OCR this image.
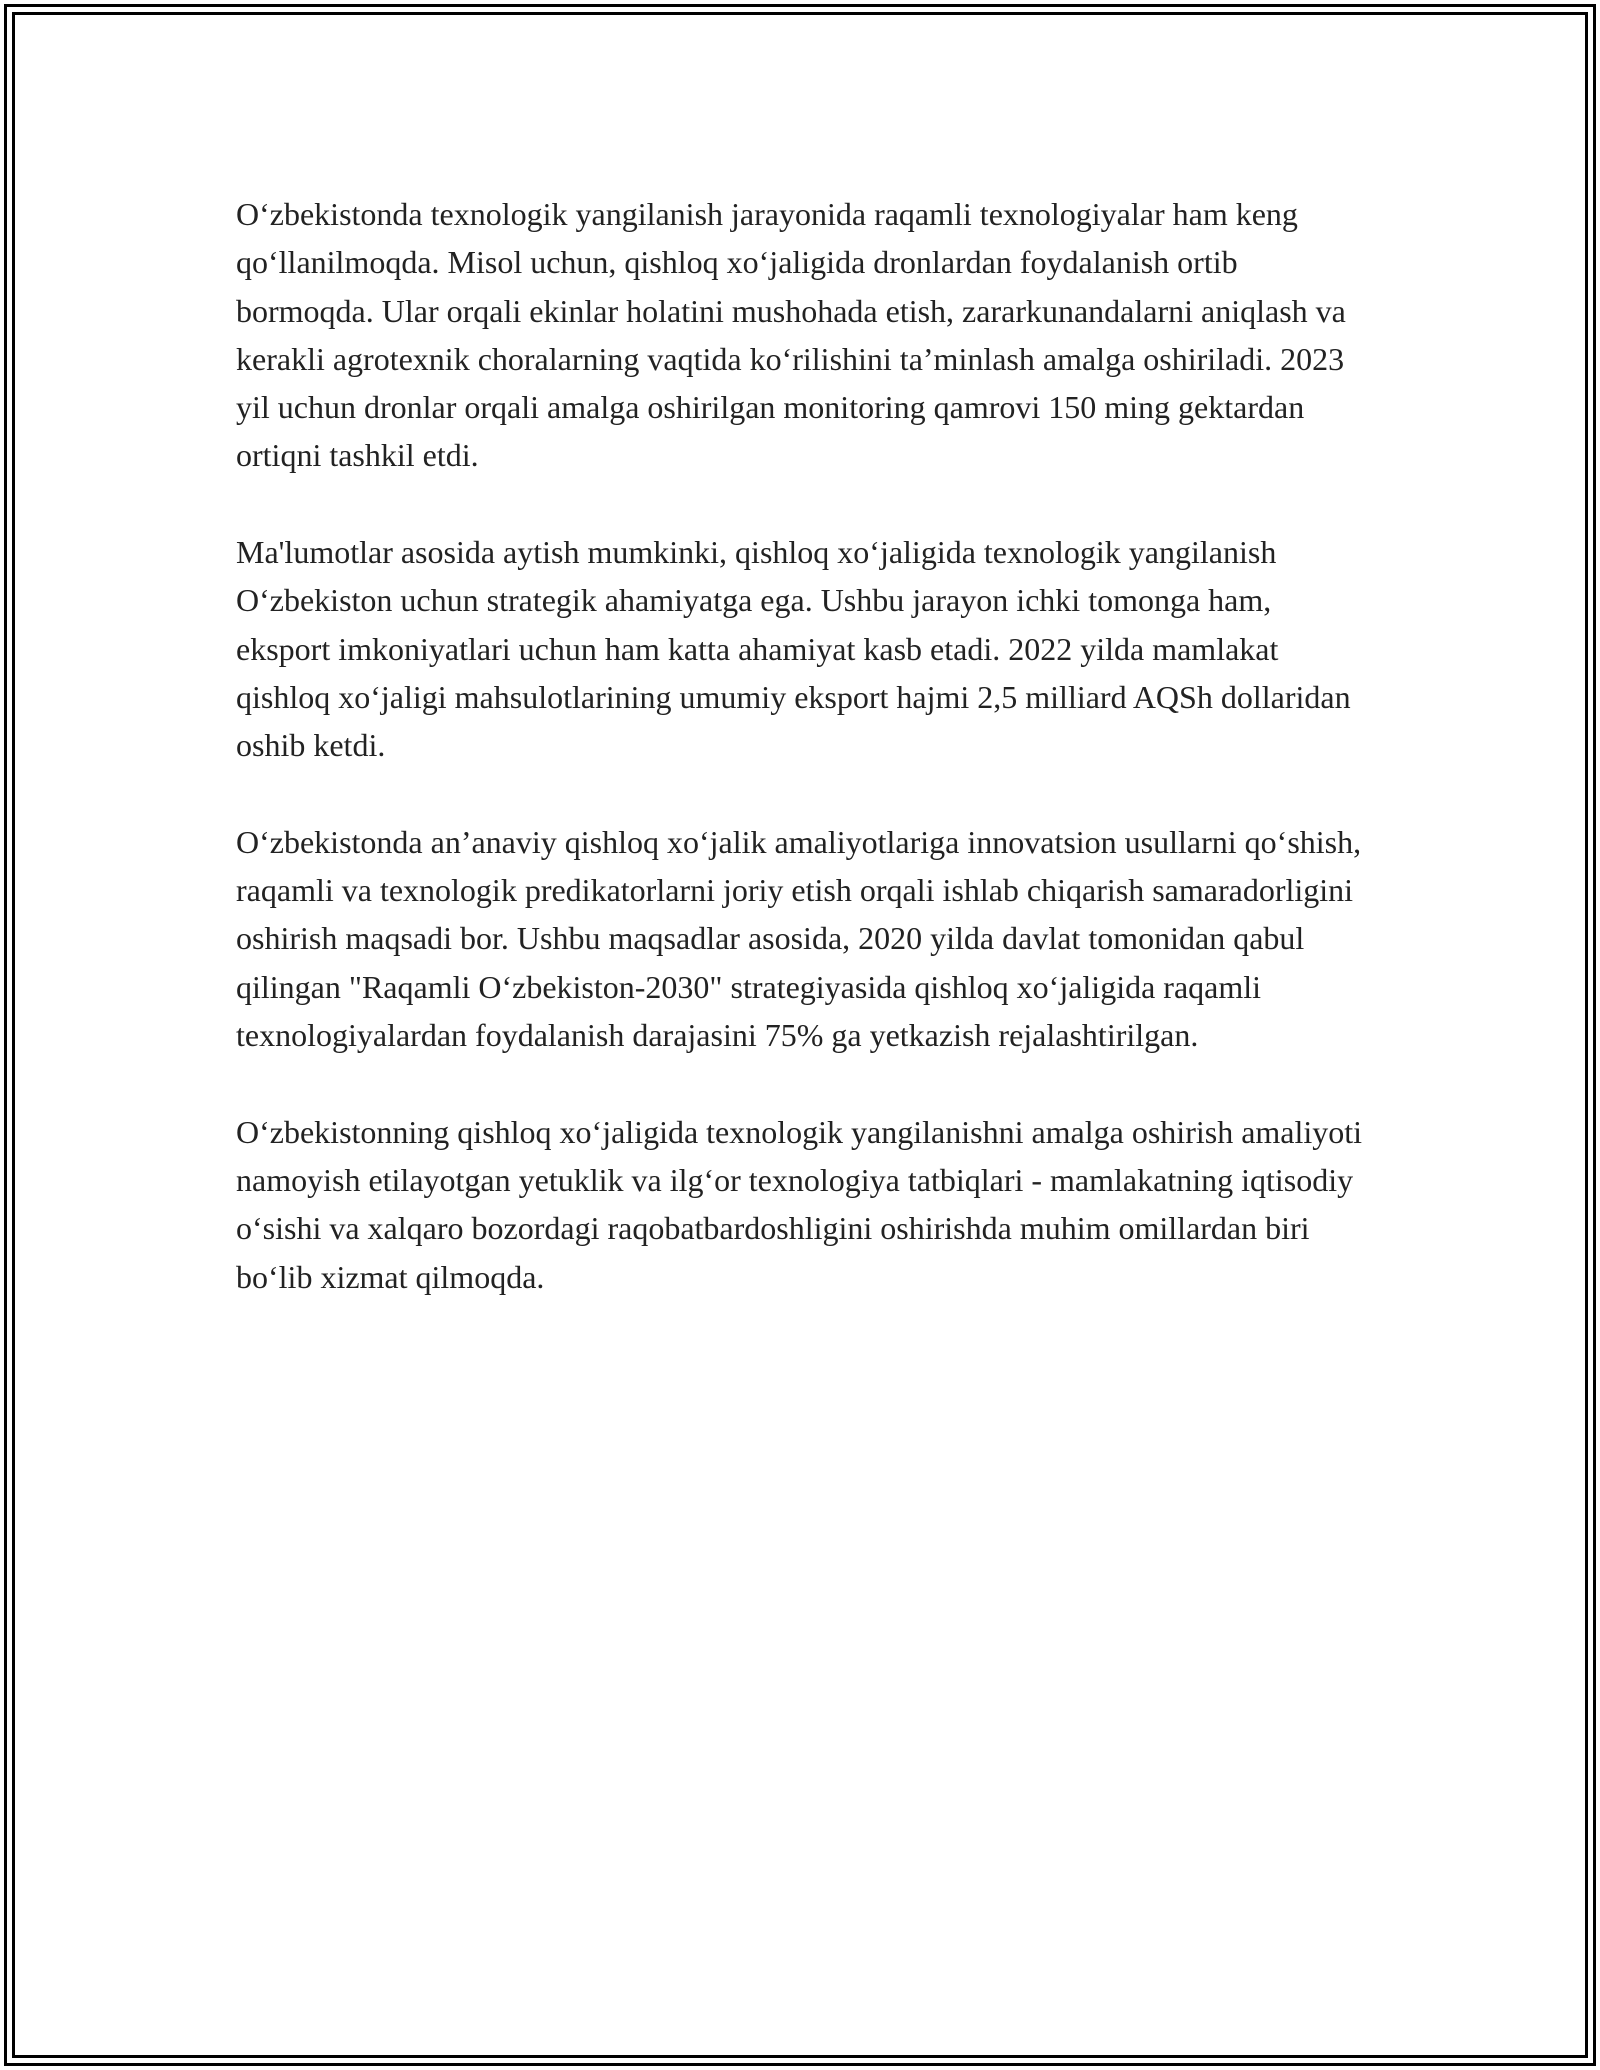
O‘zbekistonda texnologik yangilanish jarayonida raqamli texnologiyalar ham keng qo‘llanilmoqda. Misol uchun, qishloq xo‘jaligida dronlardan foydalanish ortib bormoqda. Ular orqali ekinlar holatini mushohada etish, zararkunandalarni aniqlash va kerakli agrotexnik choralarning vaqtida ko‘rilishini ta’minlash amalga oshiriladi. 2023 yil uchun dronlar orqali amalga oshirilgan monitoring qamrovi 150 ming gektardan ortiqni tashkil etdi.

Ma'lumotlar asosida aytish mumkinki, qishloq xo‘jaligida texnologik yangilanish O‘zbekiston uchun strategik ahamiyatga ega. Ushbu jarayon ichki tomonga ham, eksport imkoniyatlari uchun ham katta ahamiyat kasb etadi. 2022 yilda mamlakat qishloq xo‘jaligi mahsulotlarining umumiy eksport hajmi 2,5 milliard AQSh dollaridan oshib ketdi.

O‘zbekistonda an’anaviy qishloq xo‘jalik amaliyotlariga innovatsion usullarni qo‘shish, raqamli va texnologik predikatorlarni joriy etish orqali ishlab chiqarish samaradorligini oshirish maqsadi bor. Ushbu maqsadlar asosida, 2020 yilda davlat tomonidan qabul qilingan "Raqamli O‘zbekiston-2030" strategiyasida qishloq xo‘jaligida raqamli texnologiyalardan foydalanish darajasini 75% ga yetkazish rejalashtirilgan.

O‘zbekistonning qishloq xo‘jaligida texnologik yangilanishni amalga oshirish amaliyoti namoyish etilayotgan yetuklik va ilg‘or texnologiya tatbiqlari - mamlakatning iqtisodiy o‘sishi va xalqaro bozordagi raqobatbardoshligini oshirishda muhim omillardan biri bo‘lib xizmat qilmoqda.
